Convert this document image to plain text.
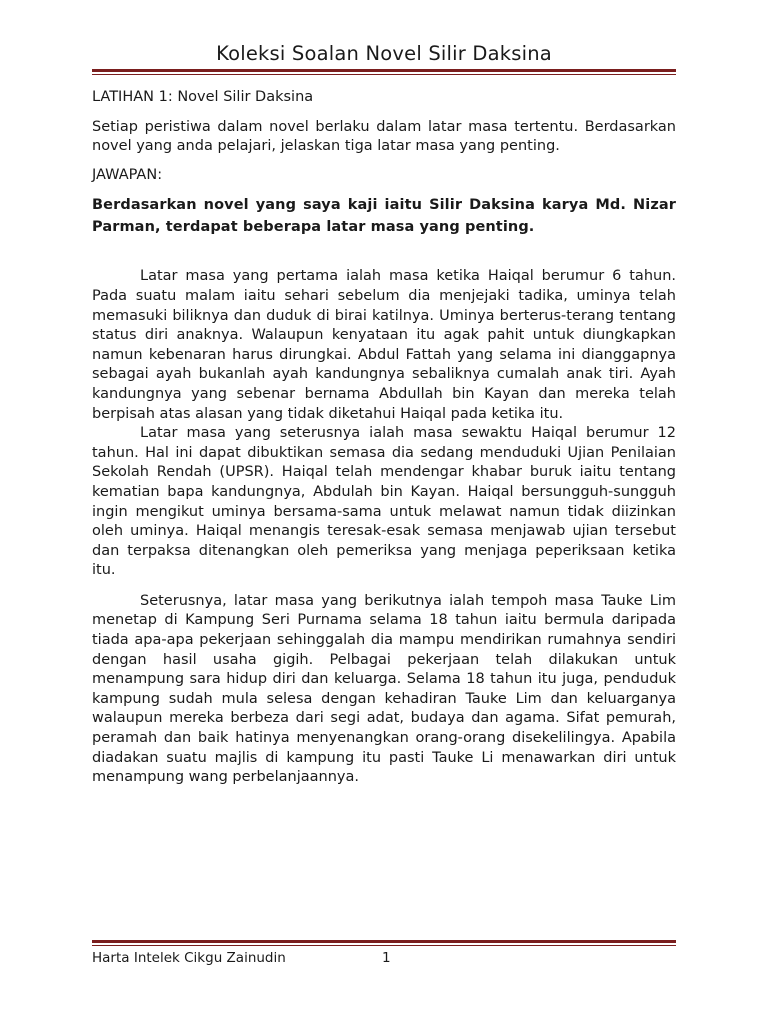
Koleksi Soalan Novel Silir Daksina

LATIHAN 1: Novel Silir Daksina

Setiap peristiwa dalam novel berlaku dalam latar masa tertentu. Berdasarkan novel yang anda pelajari, jelaskan tiga latar masa yang penting.

JAWAPAN:

Berdasarkan novel yang saya kaji iaitu Silir Daksina karya Md. Nizar Parman, terdapat beberapa latar masa yang penting.

Latar masa yang pertama ialah masa ketika Haiqal berumur 6 tahun. Pada suatu malam iaitu sehari sebelum dia menjejaki tadika, uminya telah memasuki biliknya dan duduk di birai katilnya. Uminya berterus-terang tentang status diri anaknya. Walaupun kenyataan itu agak pahit untuk diungkapkan namun kebenaran harus dirungkai. Abdul Fattah yang selama ini dianggapnya sebagai ayah bukanlah ayah kandungnya sebaliknya cumalah anak tiri. Ayah kandungnya yang sebenar bernama Abdullah bin Kayan dan mereka telah berpisah atas alasan yang tidak diketahui Haiqal pada ketika itu.

Latar masa yang seterusnya ialah masa sewaktu Haiqal berumur 12 tahun. Hal ini dapat dibuktikan semasa dia sedang menduduki Ujian Penilaian Sekolah Rendah (UPSR). Haiqal telah mendengar khabar buruk iaitu tentang kematian bapa kandungnya, Abdulah bin Kayan. Haiqal bersungguh-sungguh ingin mengikut uminya bersama-sama untuk melawat namun tidak diizinkan oleh uminya. Haiqal menangis teresak-esak semasa menjawab ujian tersebut dan terpaksa ditenangkan oleh pemeriksa yang menjaga peperiksaan ketika itu.

Seterusnya, latar masa yang berikutnya ialah tempoh masa Tauke Lim menetap di Kampung Seri Purnama selama 18 tahun iaitu bermula daripada tiada apa-apa pekerjaan sehinggalah dia mampu mendirikan rumahnya sendiri dengan hasil usaha gigih. Pelbagai pekerjaan telah dilakukan untuk menampung sara hidup diri dan keluarga. Selama 18 tahun itu juga, penduduk kampung sudah mula selesa dengan kehadiran Tauke Lim dan keluarganya walaupun mereka berbeza dari segi adat, budaya dan agama. Sifat pemurah, peramah dan baik hatinya menyenangkan orang-orang disekelilingya. Apabila diadakan suatu majlis di kampung itu pasti Tauke Li menawarkan diri untuk menampung wang perbelanjaannya.

Harta Intelek Cikgu Zainudin	1
